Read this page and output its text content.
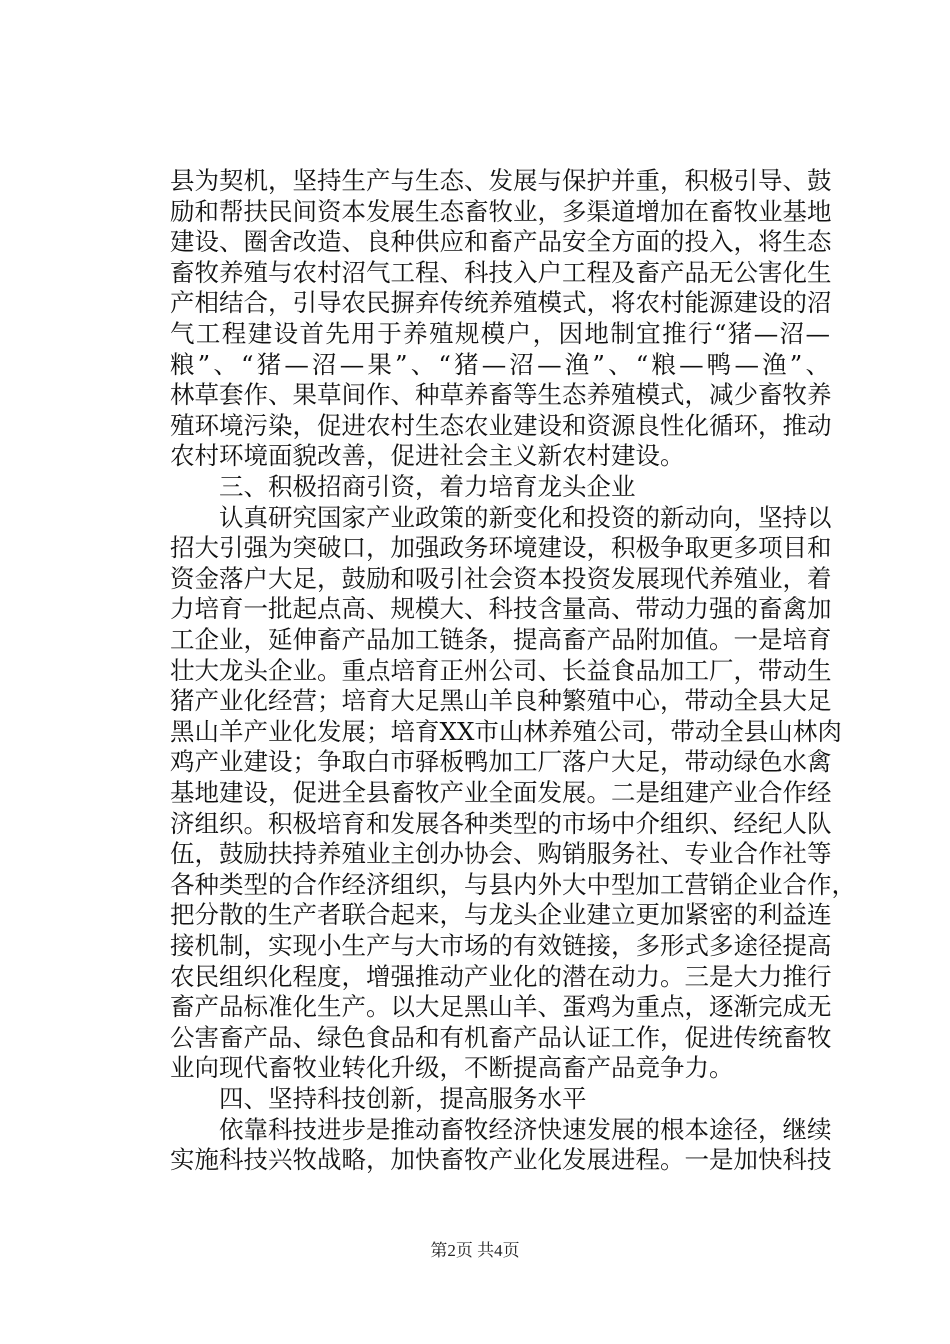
县为契机，坚持生产与生态、发展与保护并重，积极引导、鼓
励和帮扶民间资本发展生态畜牧业，多渠道增加在畜牧业基地
建设、圈舍改造、良种供应和畜产品安全方面的投入，将生态
畜牧养殖与农村沼气工程、科技入户工程及畜产品无公害化生
产相结合，引导农民摒弃传统养殖模式，将农村能源建设的沼
气工程建设首先用于养殖规模户，因地制宜推行“猪—沼—
粮”、“猪—沼—果”、“猪—沼—渔”、“粮—鸭—渔”、
林草套作、果草间作、种草养畜等生态养殖模式，减少畜牧养
殖环境污染，促进农村生态农业建设和资源良性化循环，推动
农村环境面貌改善，促进社会主义新农村建设。
　　三、积极招商引资，着力培育龙头企业
　　认真研究国家产业政策的新变化和投资的新动向，坚持以
招大引强为突破口，加强政务环境建设，积极争取更多项目和
资金落户大足，鼓励和吸引社会资本投资发展现代养殖业，着
力培育一批起点高、规模大、科技含量高、带动力强的畜禽加
工企业，延伸畜产品加工链条，提高畜产品附加值。一是培育
壮大龙头企业。重点培育正州公司、长益食品加工厂，带动生
猪产业化经营；培育大足黑山羊良种繁殖中心，带动全县大足
黑山羊产业化发展；培育XX市山林养殖公司，带动全县山林肉
鸡产业建设；争取白市驿板鸭加工厂落户大足，带动绿色水禽
基地建设，促进全县畜牧产业全面发展。二是组建产业合作经
济组织。积极培育和发展各种类型的市场中介组织、经纪人队
伍，鼓励扶持养殖业主创办协会、购销服务社、专业合作社等
各种类型的合作经济组织，与县内外大中型加工营销企业合作，
把分散的生产者联合起来，与龙头企业建立更加紧密的利益连
接机制，实现小生产与大市场的有效链接，多形式多途径提高
农民组织化程度，增强推动产业化的潜在动力。三是大力推行
畜产品标准化生产。以大足黑山羊、蛋鸡为重点，逐渐完成无
公害畜产品、绿色食品和有机畜产品认证工作，促进传统畜牧
业向现代畜牧业转化升级，不断提高畜产品竞争力。
　　四、坚持科技创新，提高服务水平
　　依靠科技进步是推动畜牧经济快速发展的根本途径，继续
实施科技兴牧战略，加快畜牧产业化发展进程。一是加快科技
第2页 共4页
